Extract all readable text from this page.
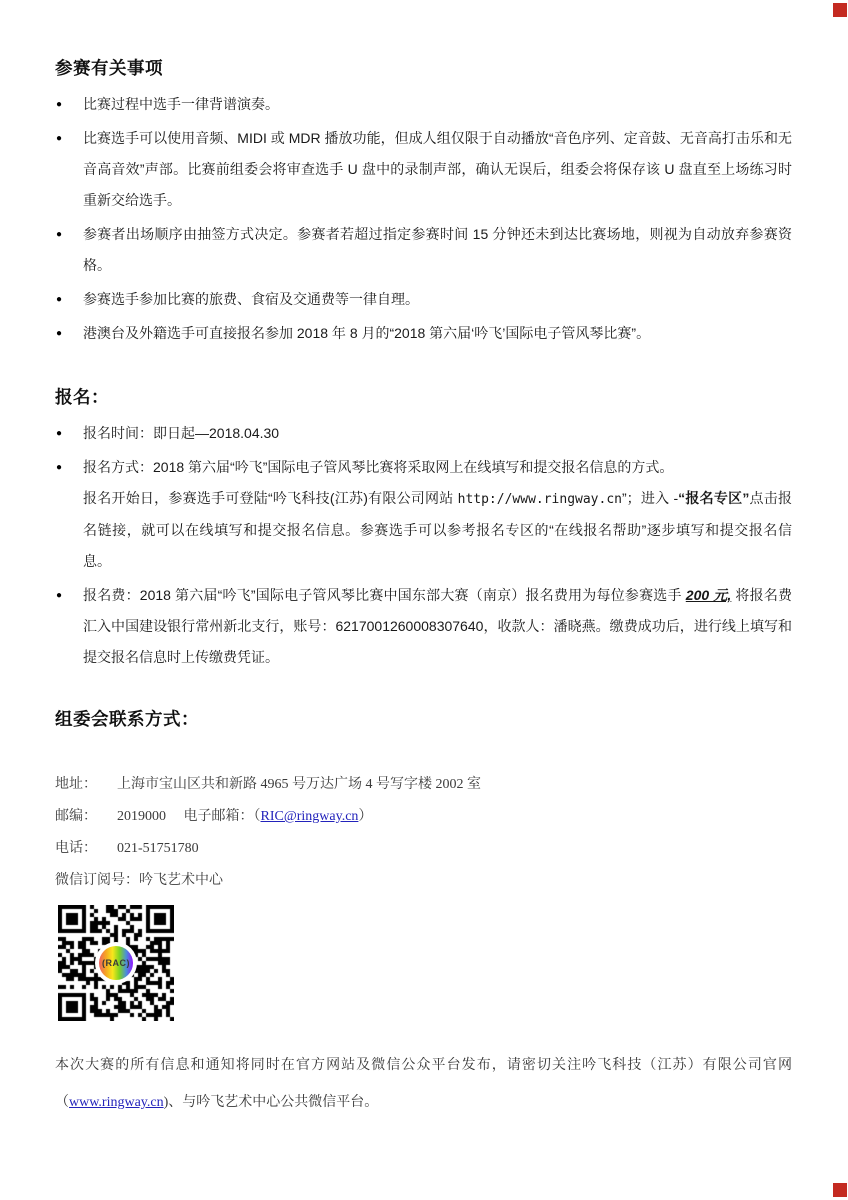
参赛有关事项
● 比赛过程中选手一律背谱演奏。
● 比赛选手可以使用音频、MIDI 或 MDR 播放功能，但成人组仅限于自动播放“音色序列、定音鼓、无音高打击乐和无音高音效”声部。比赛前组委会将审查选手 U 盘中的录制声部，确认无误后，组委会将保存该 U 盘直至上场练习时重新交给选手。
● 参赛者出场顺序由抽签方式决定。参赛者若超过指定参赛时间 15 分钟还未到达比赛场地，则视为自动放弃参赛资格。
● 参赛选手参加比赛的旅费、食宿及交通费等一律自理。
● 港澳台及外籍选手可直接报名参加 2018 年 8 月的“2018 第六届‘吟飞’国际电子管风琴比赛”。
报名：
● 报名时间：即日起—2018.04.30
● 报名方式：2018 第六届“吟飞”国际电子管风琴比赛将采取网上在线填写和提交报名信息的方式。
报名开始日，参赛选手可登陆“吟飞科技(江苏)有限公司网站 http://www.ringway.cn”；进入 -“报名专区”点击报名链接，就可以在线填写和提交报名信息。参赛选手可以参考报名专区的“在线报名帮助”逐步填写和提交报名信息。
● 报名费：2018 第六届“吟飞”国际电子管风琴比赛中国东部大赛（南京）报名费用为每位参赛选手 200 元, 将报名费汇入中国建设银行常州新北支行，账号：6217001260008307640，收款人：潘晓燕。缴费成功后，进行线上填写和提交报名信息时上传缴费凭证。
组委会联系方式：
地址： 上海市宝山区共和新路 4965 号万达广场 4 号写字楼 2002 室
邮编： 2019000　 电子邮箱：（RIC@ringway.cn）
电话： 021-51751780
微信订阅号：吟飞艺术中心
(RAC)

本次大赛的所有信息和通知将同时在官方网站及微信公众平台发布，请密切关注吟飞科技（江苏）有限公司官网（www.ringway.cn)、与吟飞艺术中心公共微信平台。
